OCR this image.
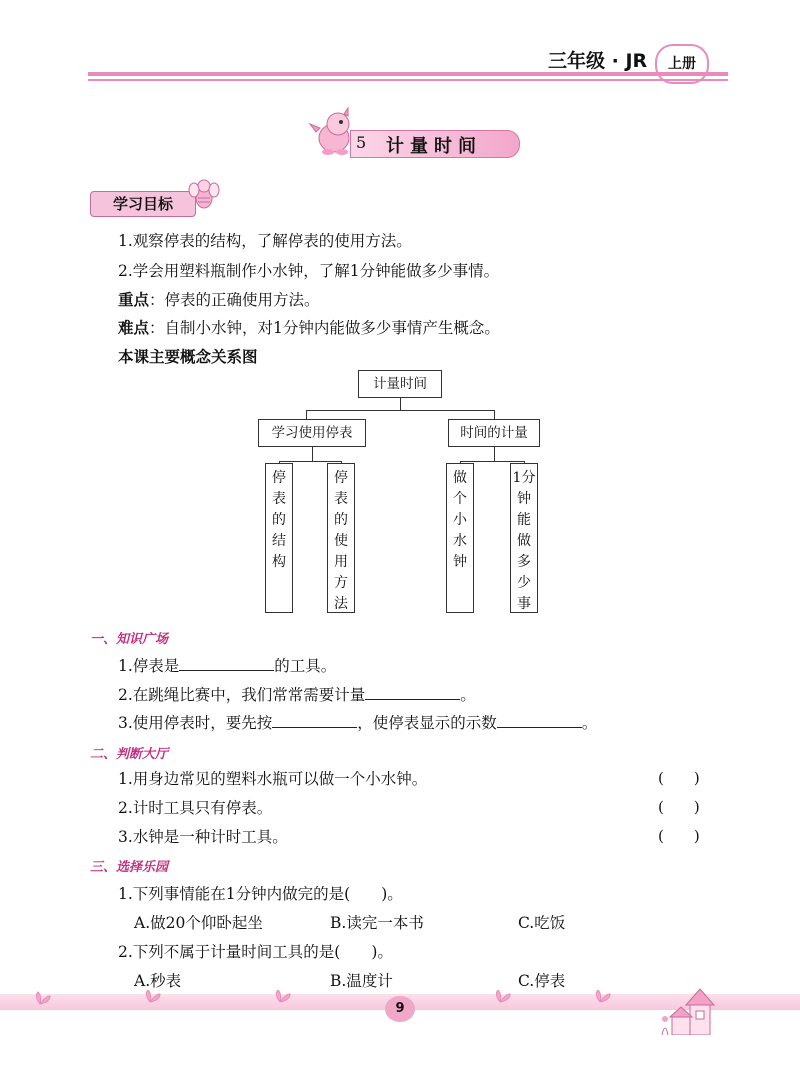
三年级 · JR	上册
5 计量时间
学习目标
1.观察停表的结构，了解停表的使用方法。
2.学会用塑料瓶制作小水钟，了解1分钟能做多少事情。
重点：停表的正确使用方法。
难点：自制小水钟，对1分钟内能做多少事情产生概念。
本课主要概念关系图
计量时间
学习使用停表	时间的计量
停表的结构
停表的使用方法
做个小水钟
1分钟能做多少事
一、知识广场
1.停表是	的工具。
2.在跳绳比赛中，我们常常需要计量	。
3.使用停表时，要先按	，使停表显示的示数	。
二、判断大厅
1.用身边常见的塑料水瓶可以做一个小水钟。	(　　)
2.计时工具只有停表。	(　　)
3.水钟是一种计时工具。	(　　)
三、选择乐园
1.下列事情能在1分钟内做完的是(　　)。
A.做20个仰卧起坐	B.读完一本书	C.吃饭
2.下列不属于计量时间工具的是(　　)。
A.秒表	B.温度计	C.停表
9
